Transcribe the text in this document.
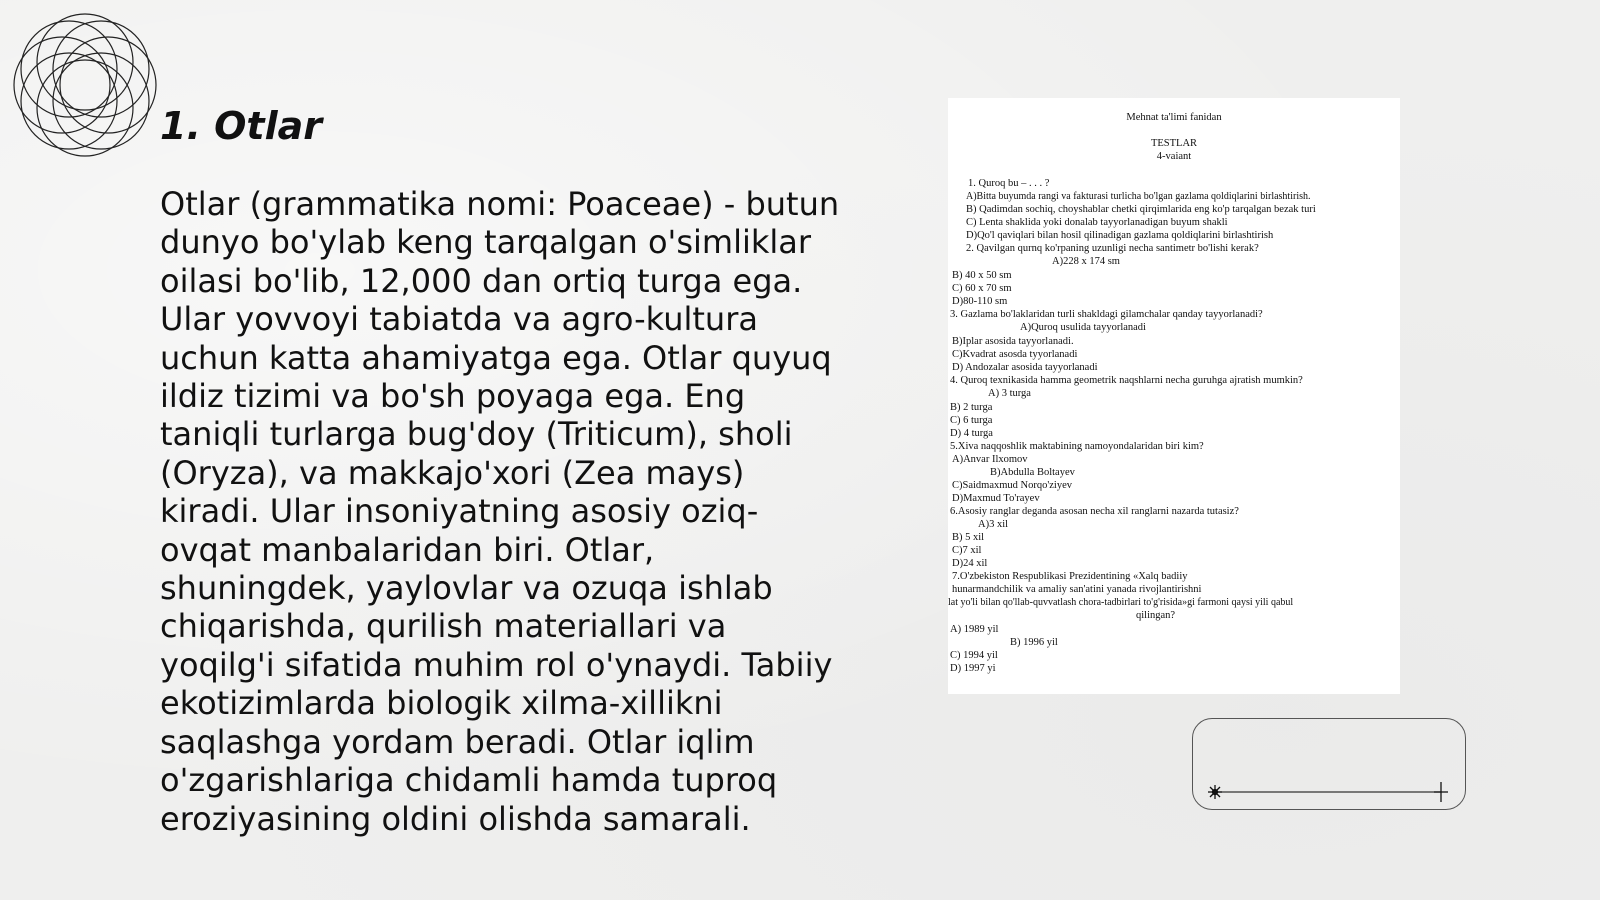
1. Otlar

Otlar (grammatika nomi: Poaceae) - butun dunyo bo'ylab keng tarqalgan o'simliklar oilasi bo'lib, 12,000 dan ortiq turga ega. Ular yovvoyi tabiatda va agro-kultura uchun katta ahamiyatga ega. Otlar quyuq ildiz tizimi va bo'sh poyaga ega. Eng taniqli turlarga bug'doy (Triticum), sholi (Oryza), va makkajo'xori (Zea mays) kiradi. Ular insoniyatning asosiy oziq-ovqat manbalaridan biri. Otlar, shuningdek, yaylovlar va ozuqa ishlab chiqarishda, qurilish materiallari va yoqilg'i sifatida muhim rol o'ynaydi. Tabiiy ekotizimlarda biologik xilma-xillikni saqlashga yordam beradi. Otlar iqlim o'zgarishlariga chidamli hamda tuproq eroziyasining oldini olishda samarali.

Mehnat ta'limi fanidan
TESTLAR
4-vaiant
1. Quroq bu – . . . ?
A)Bitta buyumda rangi va fakturasi turlicha bo'lgan gazlama qoldiqlarini birlashtirish.
B) Qadimdan sochiq, choyshablar chetki qirqimlarida eng ko'p tarqalgan bezak turi
C) Lenta shaklida yoki donalab tayyorlanadigan buyum shakli
D)Qo'l qaviqlari bilan hosil qilinadigan gazlama qoldiqlarini birlashtirish
2. Qavilgan qurnq ko'rpaning uzunligi necha santimetr bo'lishi kerak?
A)228 x 174 sm
B) 40 x 50 sm
C) 60 x 70 sm
D)80-110 sm
3. Gazlama bo'laklaridan turli shakldagi gilamchalar qanday tayyorlanadi?
A)Quroq usulida tayyorlanadi
B)Iplar asosida tayyorlanadi.
C)Kvadrat asosda tyyorlanadi
D) Andozalar asosida tayyorlanadi
4. Quroq texnikasida hamma geometrik naqshlarni necha guruhga ajratish mumkin?
A) 3 turga
B) 2 turga
C) 6 turga
D) 4 turga
5.Xiva naqqoshlik maktabining namoyondalaridan biri kim?
A)Anvar Ilxomov
B)Abdulla Boltayev
C)Saidmaxmud Norqo'ziyev
D)Maxmud To'rayev
6.Asosiy ranglar deganda asosan necha xil ranglarni nazarda tutasiz?
A)3 xil
B) 5 xil
C)7 xil
D)24 xil
7.O'zbekiston Respublikasi Prezidentining «Xalq badiiy
hunarmandchilik va amaliy san'atini yanada rivojlantirishni
lat yo'li bilan qo'llab-quvvatlash chora-tadbirlari to'g'risida»gi farmoni qaysi yili qabul
qilingan?
A) 1989 yil
B) 1996 yil
C) 1994 yil
D) 1997 yi
